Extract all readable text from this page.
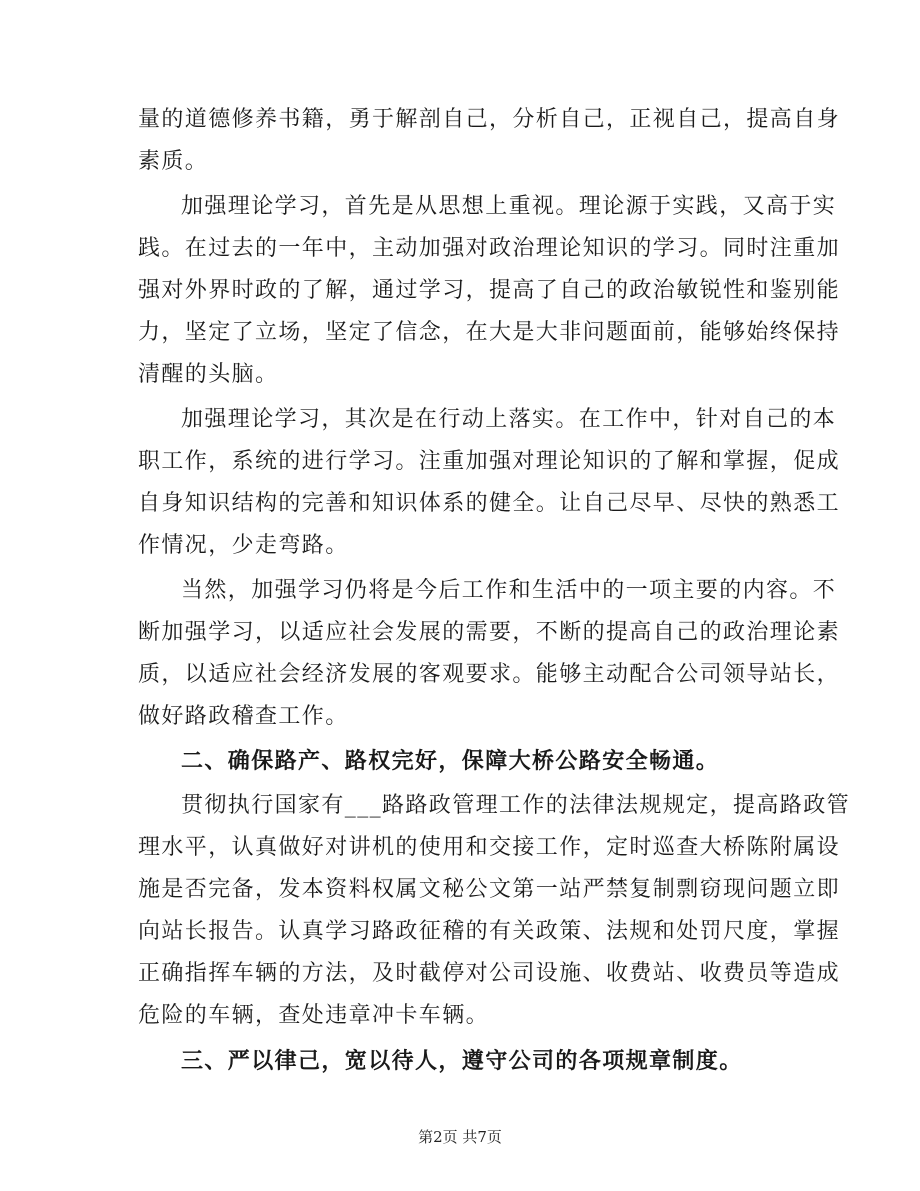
量的道德修养书籍，勇于解剖自己，分析自己，正视自己，提高自身
素质。
加强理论学习，首先是从思想上重视。理论源于实践，又高于实
践。在过去的一年中，主动加强对政治理论知识的学习。同时注重加
强对外界时政的了解，通过学习，提高了自己的政治敏锐性和鉴别能
力，坚定了立场，坚定了信念，在大是大非问题面前，能够始终保持
清醒的头脑。
加强理论学习，其次是在行动上落实。在工作中，针对自己的本
职工作，系统的进行学习。注重加强对理论知识的了解和掌握，促成
自身知识结构的完善和知识体系的健全。让自己尽早、尽快的熟悉工
作情况，少走弯路。
当然，加强学习仍将是今后工作和生活中的一项主要的内容。不
断加强学习，以适应社会发展的需要，不断的提高自己的政治理论素
质，以适应社会经济发展的客观要求。能够主动配合公司领导站长，
做好路政稽查工作。
二、确保路产、路权完好，保障大桥公路安全畅通。
贯彻执行国家有___路路政管理工作的法律法规规定，提高路政管
理水平，认真做好对讲机的使用和交接工作，定时巡查大桥陈附属设
施是否完备，发本资料权属文秘公文第一站严禁复制剽窃现问题立即
向站长报告。认真学习路政征稽的有关政策、法规和处罚尺度，掌握
正确指挥车辆的方法，及时截停对公司设施、收费站、收费员等造成
危险的车辆，查处违章冲卡车辆。
三、严以律己，宽以待人，遵守公司的各项规章制度。
第2页 共7页
